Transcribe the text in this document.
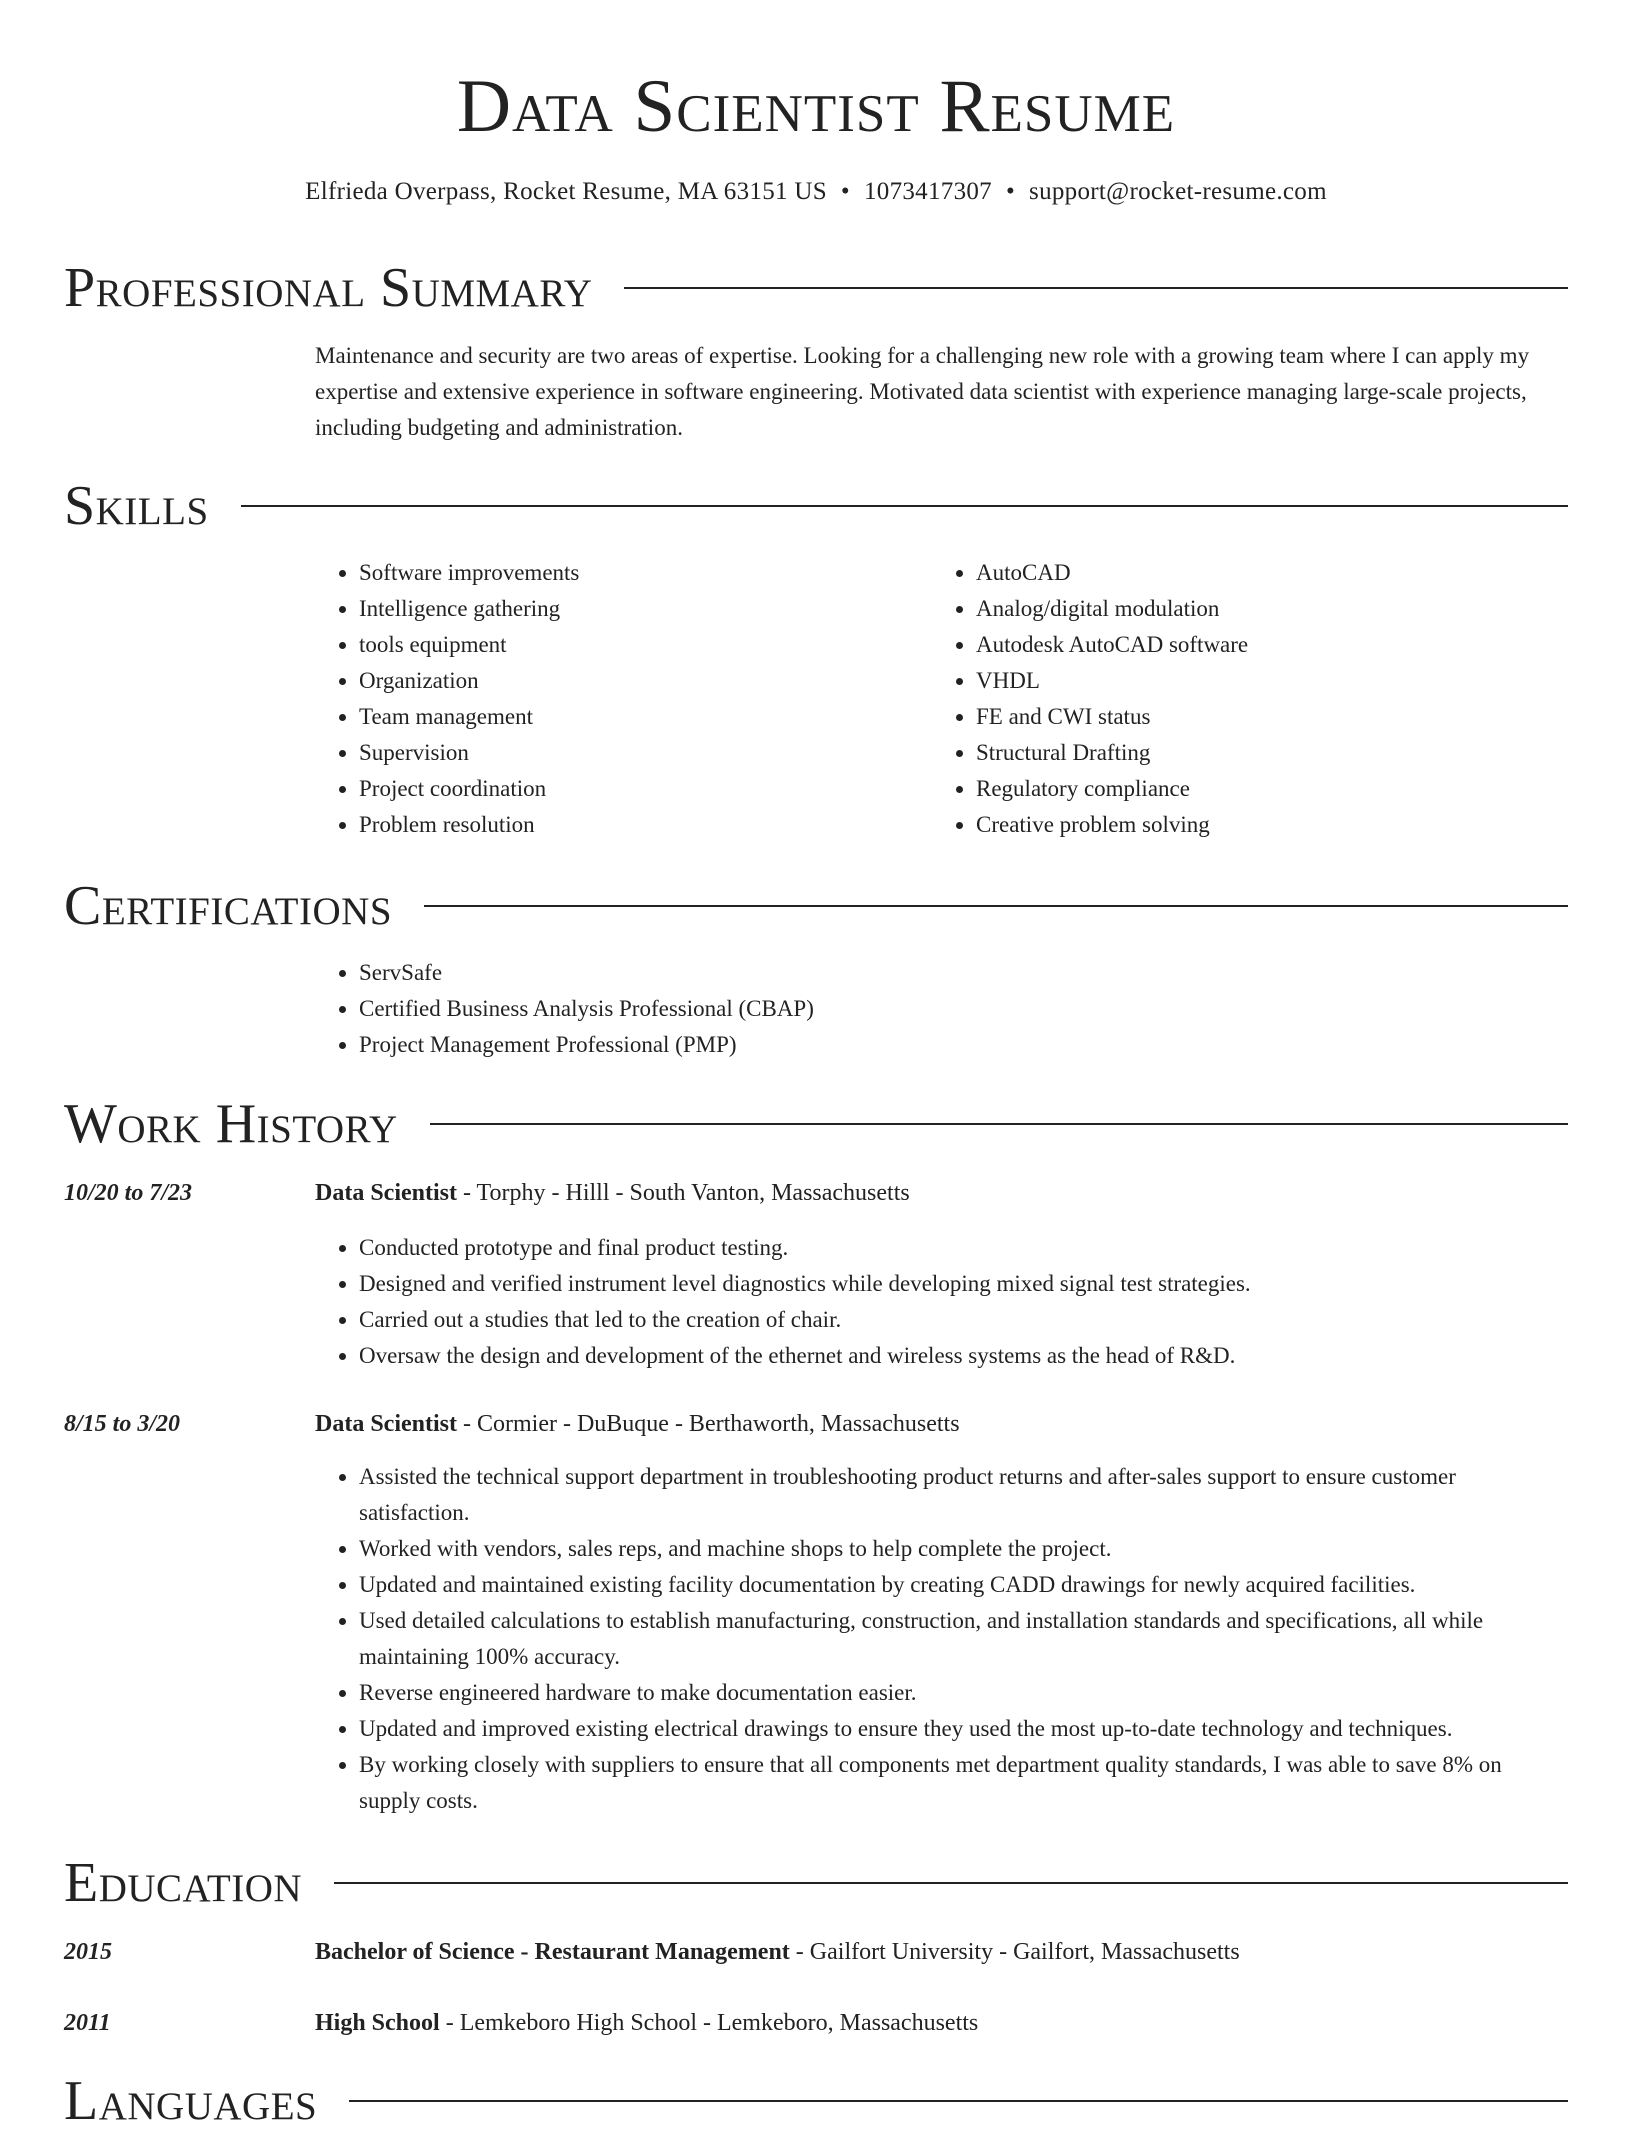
Data Scientist Resume
Elfrieda Overpass, Rocket Resume, MA 63151 US • 1073417307 • support@rocket-resume.com
Professional Summary
Maintenance and security are two areas of expertise. Looking for a challenging new role with a growing team where I can apply my expertise and extensive experience in software engineering. Motivated data scientist with experience managing large-scale projects, including budgeting and administration.
Skills
• Software improvements
• Intelligence gathering
• tools equipment
• Organization
• Team management
• Supervision
• Project coordination
• Problem resolution
• AutoCAD
• Analog/digital modulation
• Autodesk AutoCAD software
• VHDL
• FE and CWI status
• Structural Drafting
• Regulatory compliance
• Creative problem solving
Certifications
• ServSafe
• Certified Business Analysis Professional (CBAP)
• Project Management Professional (PMP)
Work History
10/20 to 7/23	Data Scientist - Torphy - Hilll - South Vanton, Massachusetts
• Conducted prototype and final product testing.
• Designed and verified instrument level diagnostics while developing mixed signal test strategies.
• Carried out a studies that led to the creation of chair.
• Oversaw the design and development of the ethernet and wireless systems as the head of R&D.
8/15 to 3/20	Data Scientist - Cormier - DuBuque - Berthaworth, Massachusetts
• Assisted the technical support department in troubleshooting product returns and after-sales support to ensure customer satisfaction.
• Worked with vendors, sales reps, and machine shops to help complete the project.
• Updated and maintained existing facility documentation by creating CADD drawings for newly acquired facilities.
• Used detailed calculations to establish manufacturing, construction, and installation standards and specifications, all while maintaining 100% accuracy.
• Reverse engineered hardware to make documentation easier.
• Updated and improved existing electrical drawings to ensure they used the most up-to-date technology and techniques.
• By working closely with suppliers to ensure that all components met department quality standards, I was able to save 8% on supply costs.
Education
2015	Bachelor of Science - Restaurant Management - Gailfort University - Gailfort, Massachusetts
2011	High School - Lemkeboro High School - Lemkeboro, Massachusetts
Languages
